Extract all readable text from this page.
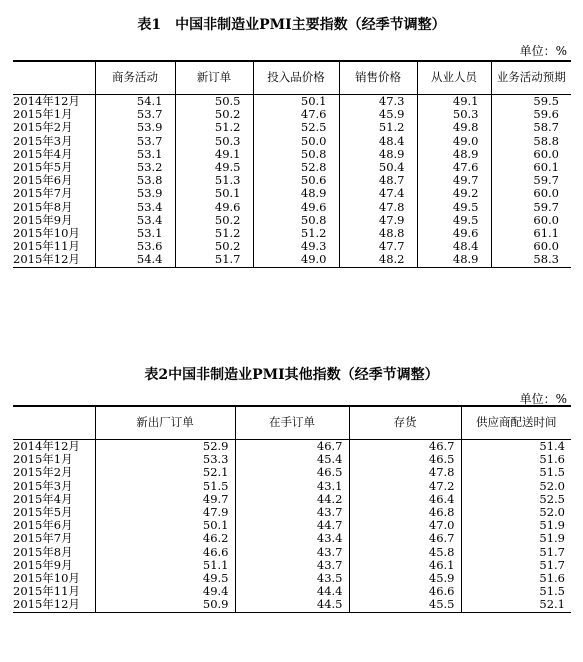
表1　中国非制造业PMI主要指数（经季节调整）
单位：%
	商务活动	新订单	投入品价格	销售价格	从业人员	业务活动预期
2014年12月	54.1	50.5	50.1	47.3	49.1	59.5
2015年1月	53.7	50.2	47.6	45.9	50.3	59.6
2015年2月	53.9	51.2	52.5	51.2	49.8	58.7
2015年3月	53.7	50.3	50.0	48.4	49.0	58.8
2015年4月	53.1	49.1	50.8	48.9	48.9	60.0
2015年5月	53.2	49.5	52.8	50.4	47.6	60.1
2015年6月	53.8	51.3	50.6	48.7	49.7	59.7
2015年7月	53.9	50.1	48.9	47.4	49.2	60.0
2015年8月	53.4	49.6	49.6	47.8	49.5	59.7
2015年9月	53.4	50.2	50.8	47.9	49.5	60.0
2015年10月	53.1	51.2	51.2	48.8	49.6	61.1
2015年11月	53.6	50.2	49.3	47.7	48.4	60.0
2015年12月	54.4	51.7	49.0	48.2	48.9	58.3
表2中国非制造业PMI其他指数（经季节调整）
单位：%
	新出厂订单	在手订单	存货	供应商配送时间
2014年12月	52.9	46.7	46.7	51.4
2015年1月	53.3	45.4	46.5	51.6
2015年2月	52.1	46.5	47.8	51.5
2015年3月	51.5	43.1	47.2	52.0
2015年4月	49.7	44.2	46.4	52.5
2015年5月	47.9	43.7	46.8	52.0
2015年6月	50.1	44.7	47.0	51.9
2015年7月	46.2	43.4	46.7	51.9
2015年8月	46.6	43.7	45.8	51.7
2015年9月	51.1	43.7	46.1	51.7
2015年10月	49.5	43.5	45.9	51.6
2015年11月	49.4	44.4	46.6	51.5
2015年12月	50.9	44.5	45.5	52.1
